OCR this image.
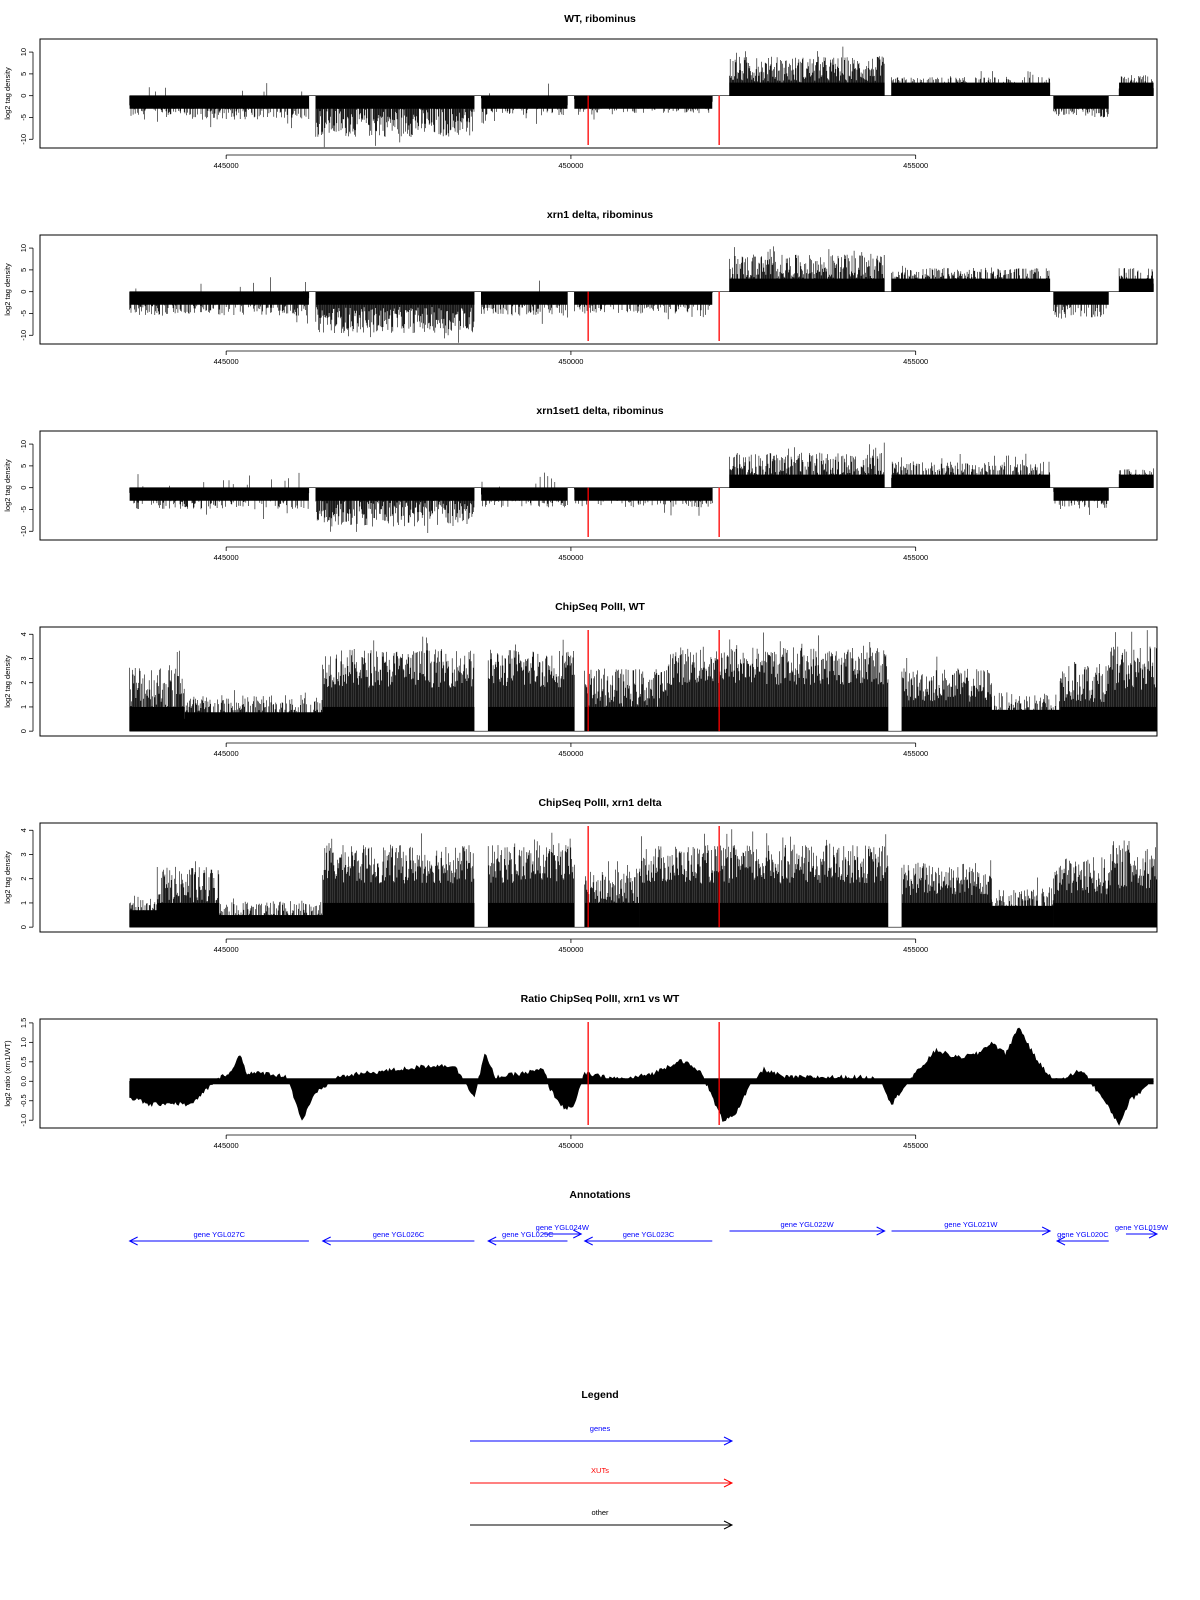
WT, ribominus
-10
-5
0
5
10
log2 tag density
445000	450000	455000
xrn1 delta, ribominus
-10
-5
0
5
10
log2 tag density
445000	450000	455000
xrn1set1 delta, ribominus
-10
-5
0
5
10
log2 tag density
445000	450000	455000
ChipSeq PolII, WT
0
1
2
3
4
log2 tag density
445000	450000	455000
ChipSeq PolII, xrn1 delta
0
1
2
3
4
log2 tag density
445000	450000	455000
Ratio ChipSeq PolII, xrn1 vs WT
-1.0
-0.5
0.0
0.5
1.0
1.5
log2 ratio (xrn1/WT)
445000	450000	455000
Annotations
gene YGL027C	gene YGL026C	gene YGL025C
gene YGL024W
gene YGL023C
gene YGL022W	gene YGL021W
gene YGL020C
gene YGL019W
Legend
genes
XUTs
other
